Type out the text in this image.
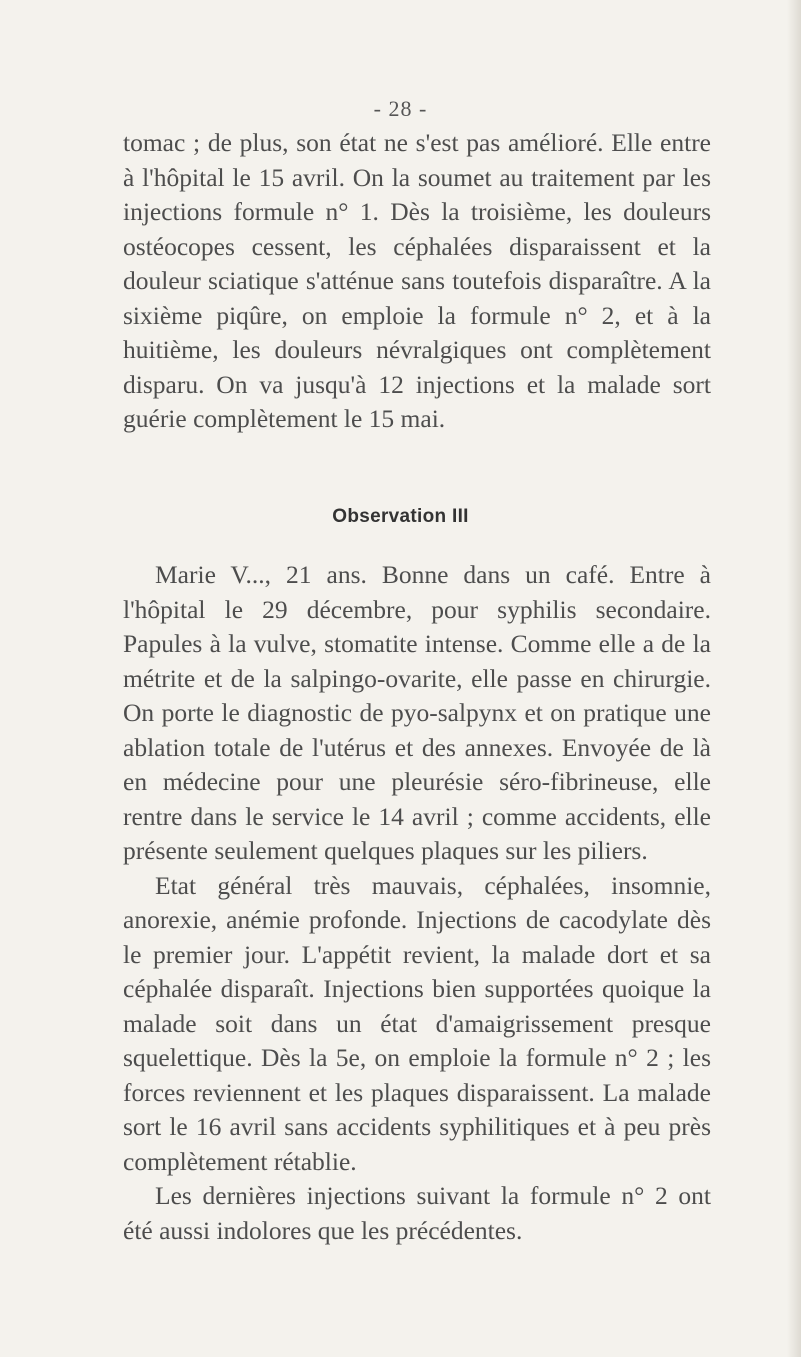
- 28 -

tomac ; de plus, son état ne s'est pas amélioré. Elle entre à l'hôpital le 15 avril. On la soumet au traitement par les injections formule n° 1. Dès la troisième, les douleurs ostéocopes cessent, les céphalées disparaissent et la douleur sciatique s'atténue sans toutefois disparaître. A la sixième piqûre, on emploie la formule n° 2, et à la huitième, les douleurs névralgiques ont complètement disparu. On va jusqu'à 12 injections et la malade sort guérie complètement le 15 mai.

Observation III

Marie V..., 21 ans. Bonne dans un café. Entre à l'hôpital le 29 décembre, pour syphilis secondaire. Papules à la vulve, stomatite intense. Comme elle a de la métrite et de la salpingo-ovarite, elle passe en chirurgie. On porte le diagnostic de pyo-salpynx et on pratique une ablation totale de l'utérus et des annexes. Envoyée de là en médecine pour une pleurésie séro-fibrineuse, elle rentre dans le service le 14 avril ; comme accidents, elle présente seulement quelques plaques sur les piliers.

Etat général très mauvais, céphalées, insomnie, anorexie, anémie profonde. Injections de cacodylate dès le premier jour. L'appétit revient, la malade dort et sa céphalée disparaît. Injections bien supportées quoique la malade soit dans un état d'amaigrissement presque squelettique. Dès la 5e, on emploie la formule n° 2 ; les forces reviennent et les plaques disparaissent. La malade sort le 16 avril sans accidents syphilitiques et à peu près complètement rétablie.

Les dernières injections suivant la formule n° 2 ont été aussi indolores que les précédentes.
